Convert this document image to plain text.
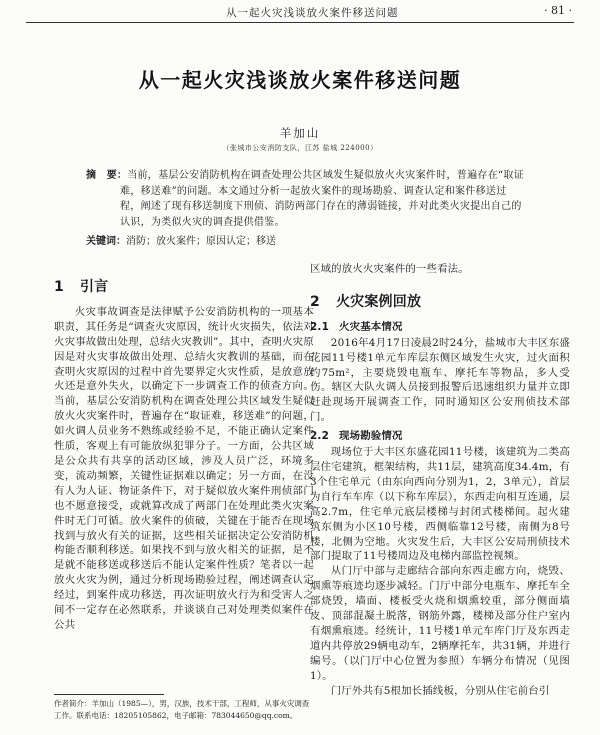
从一起火灾浅谈放火案件移送问题	· 81 ·
从一起火灾浅谈放火案件移送问题
羊加山
（张城市公安消防支队，江苏 盐城 224000）

摘　要：当前，基层公安消防机构在调查处理公共区域发生疑似放火火灾案件时，普遍存在“取证难，移送难”的问题。本文通过分析一起放火案件的现场勘验、调查认定和案件移送过程，阐述了现有移送制度下刑侦、消防两部门存在的薄弱链接，并对此类火灾提出自己的认识，为类似火灾的调查提供借鉴。

关键词：消防；放火案件；原因认定；移送
1 引言

火灾事故调查是法律赋予公安消防机构的一项基本职责，其任务是“调查火灾原因，统计火灾损失，依法对火灾事故做出处理，总结火灾教训”。其中，查明火灾原因是对火灾事故做出处理、总结火灾教训的基础，而在查明火灾原因的过程中首先要界定火灾性质，是放意放火还是意外失火，以确定下一步调查工作的侦查方向。当前，基层公安消防机构在调查处理公共区域发生疑似放火火灾案件时，普遍存在“取证难，移送难”的问题，如火调人员业务不熟练或经验不足，不能正确认定案件性质，客观上有可能放纵犯罪分子。一方面，公共区域是公众共有共享的活动区域，涉及人员广泛，环境多变，流动频繁，关键性证据难以确定；另一方面，在没有人为人证、物证条件下，对于疑似放火案件刑侦部门也不愿意接受，或就算改成了两部门在处理此类火灾案件时无门可循。放火案件的侦破，关键在于能否在现场找到与放火有关的证据，这些相关证据决定公安消防机构能否顺利移送。如果找不到与放火相关的证据，是不是就不能移送或移送后不能认定案件性质？笔者以一起放火火灾为例，通过分析现场勘验过程，阐述调查认定经过，到案件成功移送，再次证明放火行为和受害人之间不一定存在必然联系，并谈谈自己对处理类似案件在公共

区域的放火火灾案件的一些看法。

2 火灾案例回放
2.1 火灾基本情况

2016年4月17日凌晨2时24分，盐城市大丰区东盛花园11号楼1单元车库层东侧区域发生火灾，过火面积约75m²，主要烧毁电瓶车、摩托车等物品，多人受伤。辖区大队火调人员接到报警后迅速组织力量并立即赶赴现场开展调查工作，同时通知区公安刑侦技术部门。

2.2 现场勘验情况

现场位于大丰区东盛花园11号楼，该建筑为二类高层住宅建筑，框架结构，共11层，建筑高度34.4m，有3个住宅单元（由东向西向分别为1，2，3单元），首层为自行车车库（以下称车库层），东西走向相互连通，层高2.7m，住宅单元底层楼梯与封闭式楼梯间。起火建筑东侧为小区10号楼，西侧临靠12号楼，南侧为8号楼，北侧为空地。火灾发生后，大丰区公安局刑侦技术部门提取了11号楼周边及电梯内部监控视频。

从门厅中部与走廊结合部向东西走廊方向，烧毁、烟熏等痕迹均逐步减轻。门厅中部分电瓶车、摩托车全部烧毁，墙面、楼板受火烧和烟熏较重，部分侧面墙皮、顶部混凝土脱落，钢筋外露，楼梯及部分住户室内有烟熏痕迹。经统计，11号楼1单元车库门厅及东西走道内共停放29辆电动车，2辆摩托车，共31辆，并进行编号。（以门厅中心位置为参照）车辆分布情况（见图1）。

门厅外共有5根加长插线板，分别从住宅前台引

作者简介：羊加山（1985—），男，汉族，技术干部，工程师，从事火灾调查工作。联系电话：18205105862，电子邮箱：783044650@qq.com。
